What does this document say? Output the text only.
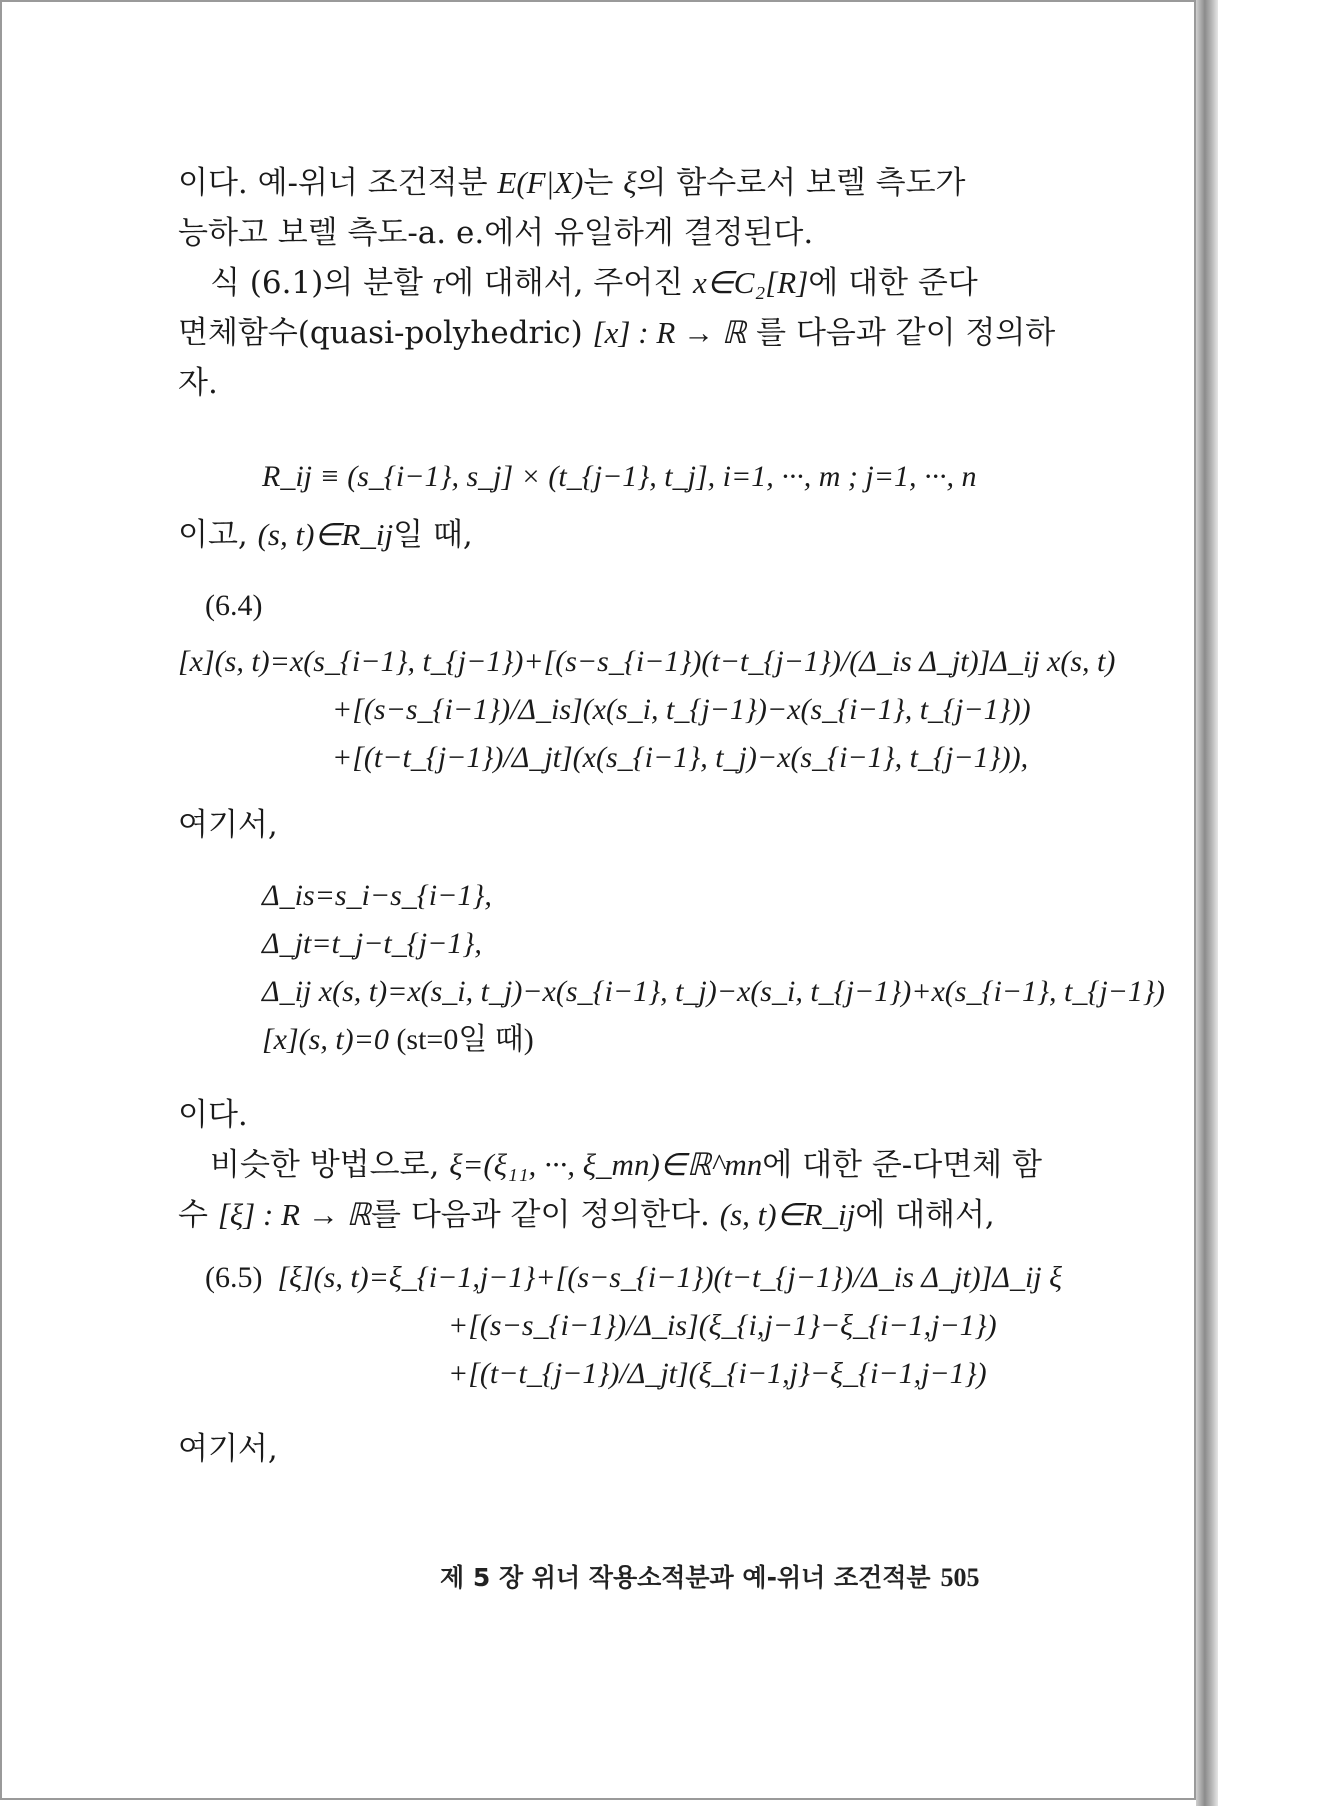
이다. 예-위너 조건적분 E(F|X)는 ξ의 함수로서 보렐 측도가
능하고 보렐 측도-a. e.에서 유일하게 결정된다.
식 (6.1)의 분할 τ에 대해서, 주어진 x∈C₂[R]에 대한 준다
면체함수(quasi-polyhedric) [x] : R → ℝ 를 다음과 같이 정의하
자.
R_ij ≡ (s_{i−1}, s_j] × (t_{j−1}, t_j], i=1, ···, m ; j=1, ···, n
이고, (s, t)∈R_ij일 때,
(6.4)
[x](s, t)=x(s_{i−1}, t_{j−1})+[(s−s_{i−1})(t−t_{j−1})/(Δ_is Δ_jt)]Δ_ij x(s, t)
+[(s−s_{i−1})/Δ_is](x(s_i, t_{j−1})−x(s_{i−1}, t_{j−1}))
+[(t−t_{j−1})/Δ_jt](x(s_{i−1}, t_j)−x(s_{i−1}, t_{j−1})),
여기서,
Δ_is=s_i−s_{i−1},
Δ_jt=t_j−t_{j−1},
Δ_ij x(s, t)=x(s_i, t_j)−x(s_{i−1}, t_j)−x(s_i, t_{j−1})+x(s_{i−1}, t_{j−1})
[x](s, t)=0 (st=0일 때)
이다.
비슷한 방법으로, ξ=(ξ₁₁, ···, ξ_mn)∈ℝ^mn에 대한 준-다면체 함
수 [ξ] : R → ℝ를 다음과 같이 정의한다. (s, t)∈R_ij에 대해서,
(6.5) [ξ](s, t)=ξ_{i−1,j−1}+[(s−s_{i−1})(t−t_{j−1})/Δ_is Δ_jt)]Δ_ij ξ
+[(s−s_{i−1})/Δ_is](ξ_{i,j−1}−ξ_{i−1,j−1})
+[(t−t_{j−1})/Δ_jt](ξ_{i−1,j}−ξ_{i−1,j−1})
여기서,
제 5 장 위너 작용소적분과 예-위너 조건적분 505
